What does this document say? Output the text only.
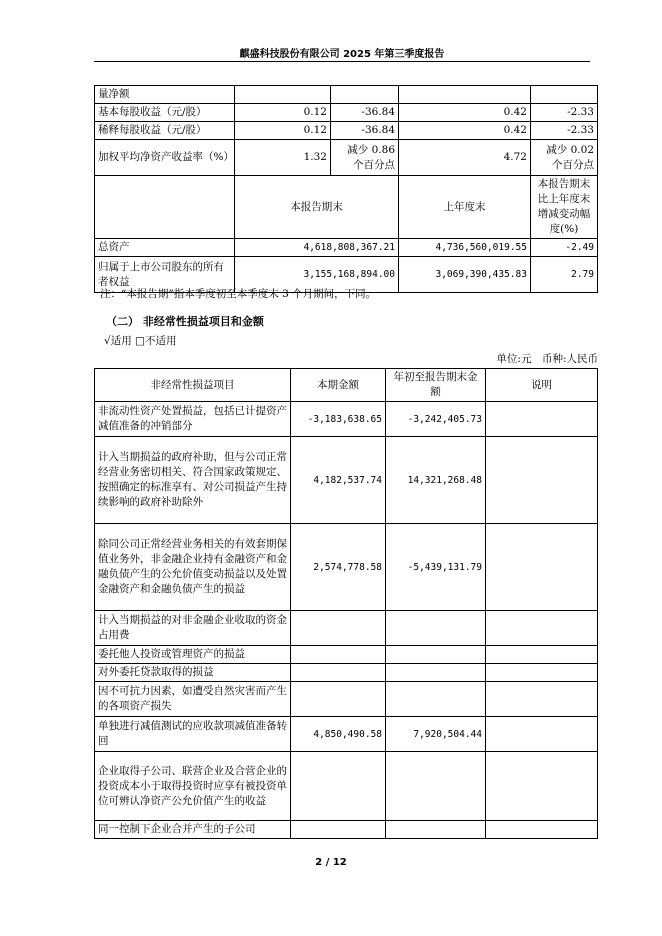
麒盛科技股份有限公司 2025 年第三季度报告
量净额				
基本每股收益（元/股）	0.12	-36.84	0.42	-2.33
稀释每股收益（元/股）	0.12	-36.84	0.42	-2.33
加权平均净资产收益率（%）	1.32	减少 0.86 个百分点	4.72	减少 0.02 个百分点
	本报告期末		上年度末	本报告期末比上年度末增减变动幅度(%)
总资产	4,618,808,367.21		4,736,560,019.55	-2.49
归属于上市公司股东的所有者权益	3,155,168,894.00		3,069,390,435.83	2.79
注：“本报告期”指本季度初至本季度末 3 个月期间，下同。
（二） 非经常性损益项目和金额
√适用 □不适用
单位:元　币种:人民币
非经常性损益项目	本期金额	年初至报告期末金额	说明
非流动性资产处置损益，包括已计提资产减值准备的冲销部分	-3,183,638.65	-3,242,405.73	
计入当期损益的政府补助，但与公司正常经营业务密切相关、符合国家政策规定、按照确定的标准享有、对公司损益产生持续影响的政府补助除外	4,182,537.74	14,321,268.48	
除同公司正常经营业务相关的有效套期保值业务外，非金融企业持有金融资产和金融负债产生的公允价值变动损益以及处置金融资产和金融负债产生的损益	2,574,778.58	-5,439,131.79	
计入当期损益的对非金融企业收取的资金占用费			
委托他人投资或管理资产的损益			
对外委托贷款取得的损益			
因不可抗力因素，如遭受自然灾害而产生的各项资产损失			
单独进行减值测试的应收款项减值准备转回	4,850,490.58	7,920,504.44	
企业取得子公司、联营企业及合营企业的投资成本小于取得投资时应享有被投资单位可辨认净资产公允价值产生的收益			
同一控制下企业合并产生的子公司			
2 / 12
